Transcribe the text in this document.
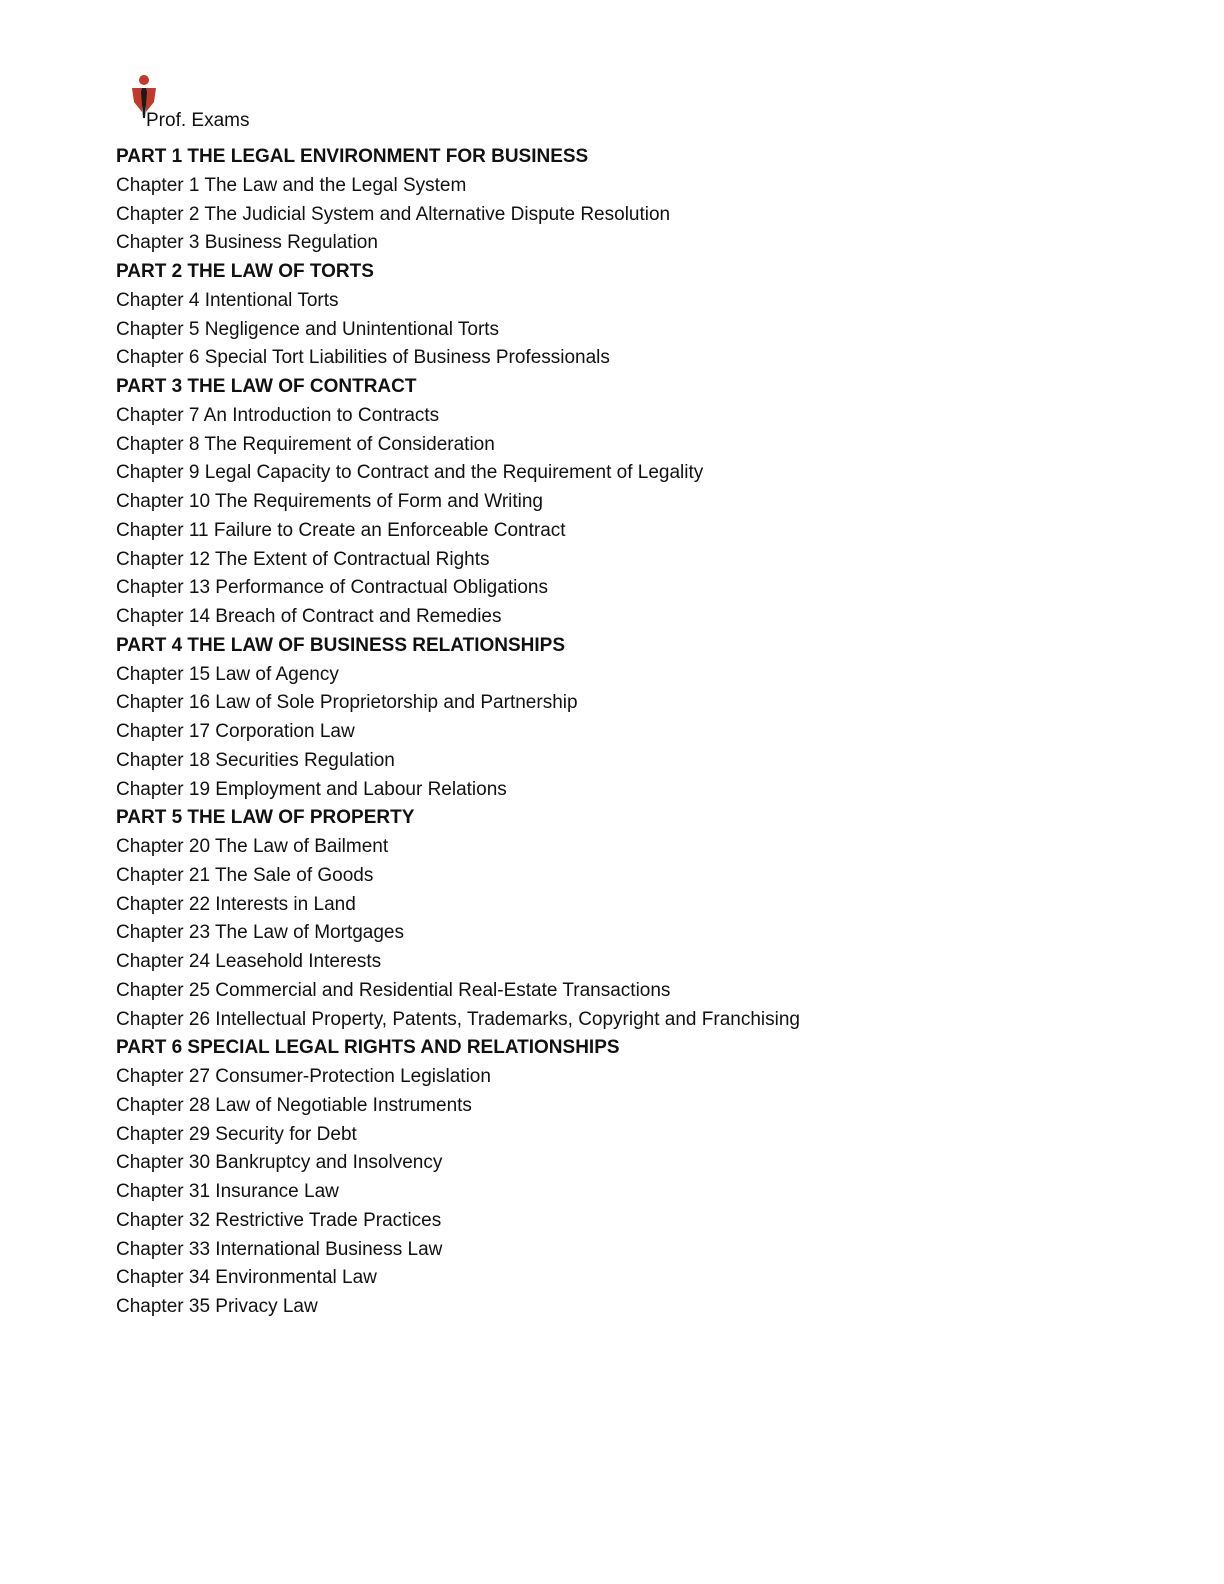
Prof. Exams
PART 1 THE LEGAL ENVIRONMENT FOR BUSINESS
Chapter 1 The Law and the Legal System
Chapter 2 The Judicial System and Alternative Dispute Resolution
Chapter 3 Business Regulation
PART 2 THE LAW OF TORTS
Chapter 4 Intentional Torts
Chapter 5 Negligence and Unintentional Torts
Chapter 6 Special Tort Liabilities of Business Professionals
PART 3 THE LAW OF CONTRACT
Chapter 7 An Introduction to Contracts
Chapter 8 The Requirement of Consideration
Chapter 9 Legal Capacity to Contract and the Requirement of Legality
Chapter 10 The Requirements of Form and Writing
Chapter 11 Failure to Create an Enforceable Contract
Chapter 12 The Extent of Contractual Rights
Chapter 13 Performance of Contractual Obligations
Chapter 14 Breach of Contract and Remedies
PART 4 THE LAW OF BUSINESS RELATIONSHIPS
Chapter 15 Law of Agency
Chapter 16 Law of Sole Proprietorship and Partnership
Chapter 17 Corporation Law
Chapter 18 Securities Regulation
Chapter 19 Employment and Labour Relations
PART 5 THE LAW OF PROPERTY
Chapter 20 The Law of Bailment
Chapter 21 The Sale of Goods
Chapter 22 Interests in Land
Chapter 23 The Law of Mortgages
Chapter 24 Leasehold Interests
Chapter 25 Commercial and Residential Real-Estate Transactions
Chapter 26 Intellectual Property, Patents, Trademarks, Copyright and Franchising
PART 6 SPECIAL LEGAL RIGHTS AND RELATIONSHIPS
Chapter 27 Consumer-Protection Legislation
Chapter 28 Law of Negotiable Instruments
Chapter 29 Security for Debt
Chapter 30 Bankruptcy and Insolvency
Chapter 31 Insurance Law
Chapter 32 Restrictive Trade Practices
Chapter 33 International Business Law
Chapter 34 Environmental Law
Chapter 35 Privacy Law
